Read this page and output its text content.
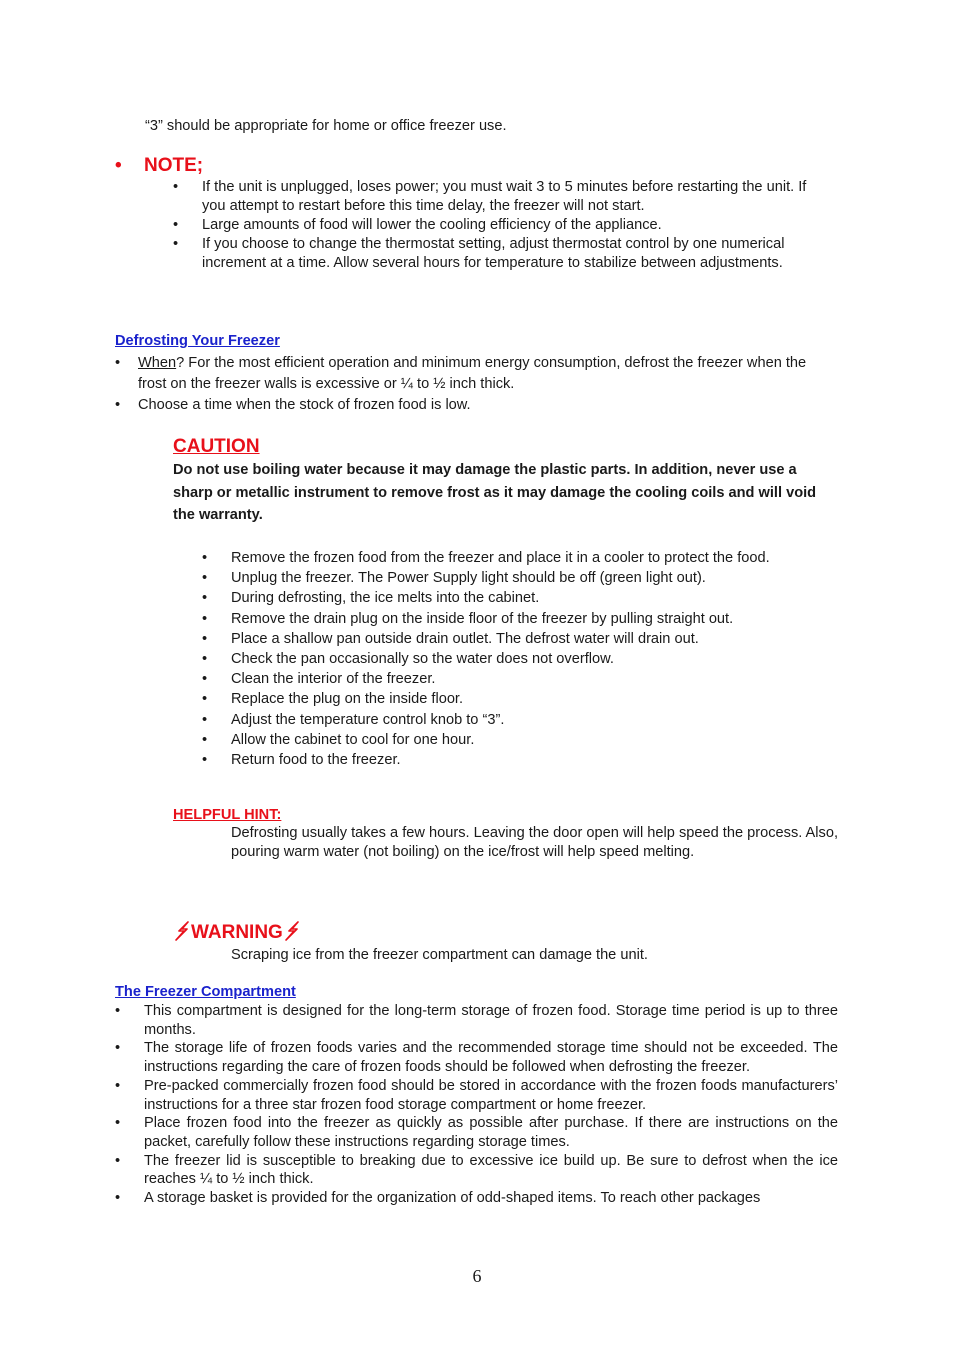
“3” should be appropriate for home or office freezer use.
• NOTE;
•	If the unit is unplugged, loses power; you must wait 3 to 5 minutes before restarting the unit. If you attempt to restart before this time delay, the freezer will not start.
•	Large amounts of food will lower the cooling efficiency of the appliance.
•	If you choose to change the thermostat setting, adjust thermostat control by one numerical increment at a time. Allow several hours for temperature to stabilize between adjustments.
Defrosting Your Freezer
•	When? For the most efficient operation and minimum energy consumption, defrost the freezer when the frost on the freezer walls is excessive or ¼ to ½ inch thick.
•	Choose a time when the stock of frozen food is low.
CAUTION
Do not use boiling water because it may damage the plastic parts. In addition, never use a sharp or metallic instrument to remove frost as it may damage the cooling coils and will void the warranty.
•	Remove the frozen food from the freezer and place it in a cooler to protect the food.
•	Unplug the freezer. The Power Supply light should be off (green light out).
•	During defrosting, the ice melts into the cabinet.
•	Remove the drain plug on the inside floor of the freezer by pulling straight out.
•	Place a shallow pan outside drain outlet. The defrost water will drain out.
•	Check the pan occasionally so the water does not overflow.
•	Clean the interior of the freezer.
•	Replace the plug on the inside floor.
•	Adjust the temperature control knob to “3”.
•	Allow the cabinet to cool for one hour.
•	Return food to the freezer.
HELPFUL HINT:
Defrosting usually takes a few hours. Leaving the door open will help speed the process. Also, pouring warm water (not boiling) on the ice/frost will help speed melting.
WARNING
Scraping ice from the freezer compartment can damage the unit.
The Freezer Compartment
•	This compartment is designed for the long-term storage of frozen food. Storage time period is up to three months.
•	The storage life of frozen foods varies and the recommended storage time should not be exceeded. The instructions regarding the care of frozen foods should be followed when defrosting the freezer.
•	Pre-packed commercially frozen food should be stored in accordance with the frozen foods manufacturers’ instructions for a three star frozen food storage compartment or home freezer.
•	Place frozen food into the freezer as quickly as possible after purchase. If there are instructions on the packet, carefully follow these instructions regarding storage times.
•	The freezer lid is susceptible to breaking due to excessive ice build up. Be sure to defrost when the ice reaches ¼ to ½ inch thick.
•	A storage basket is provided for the organization of odd-shaped items. To reach other packages
6
